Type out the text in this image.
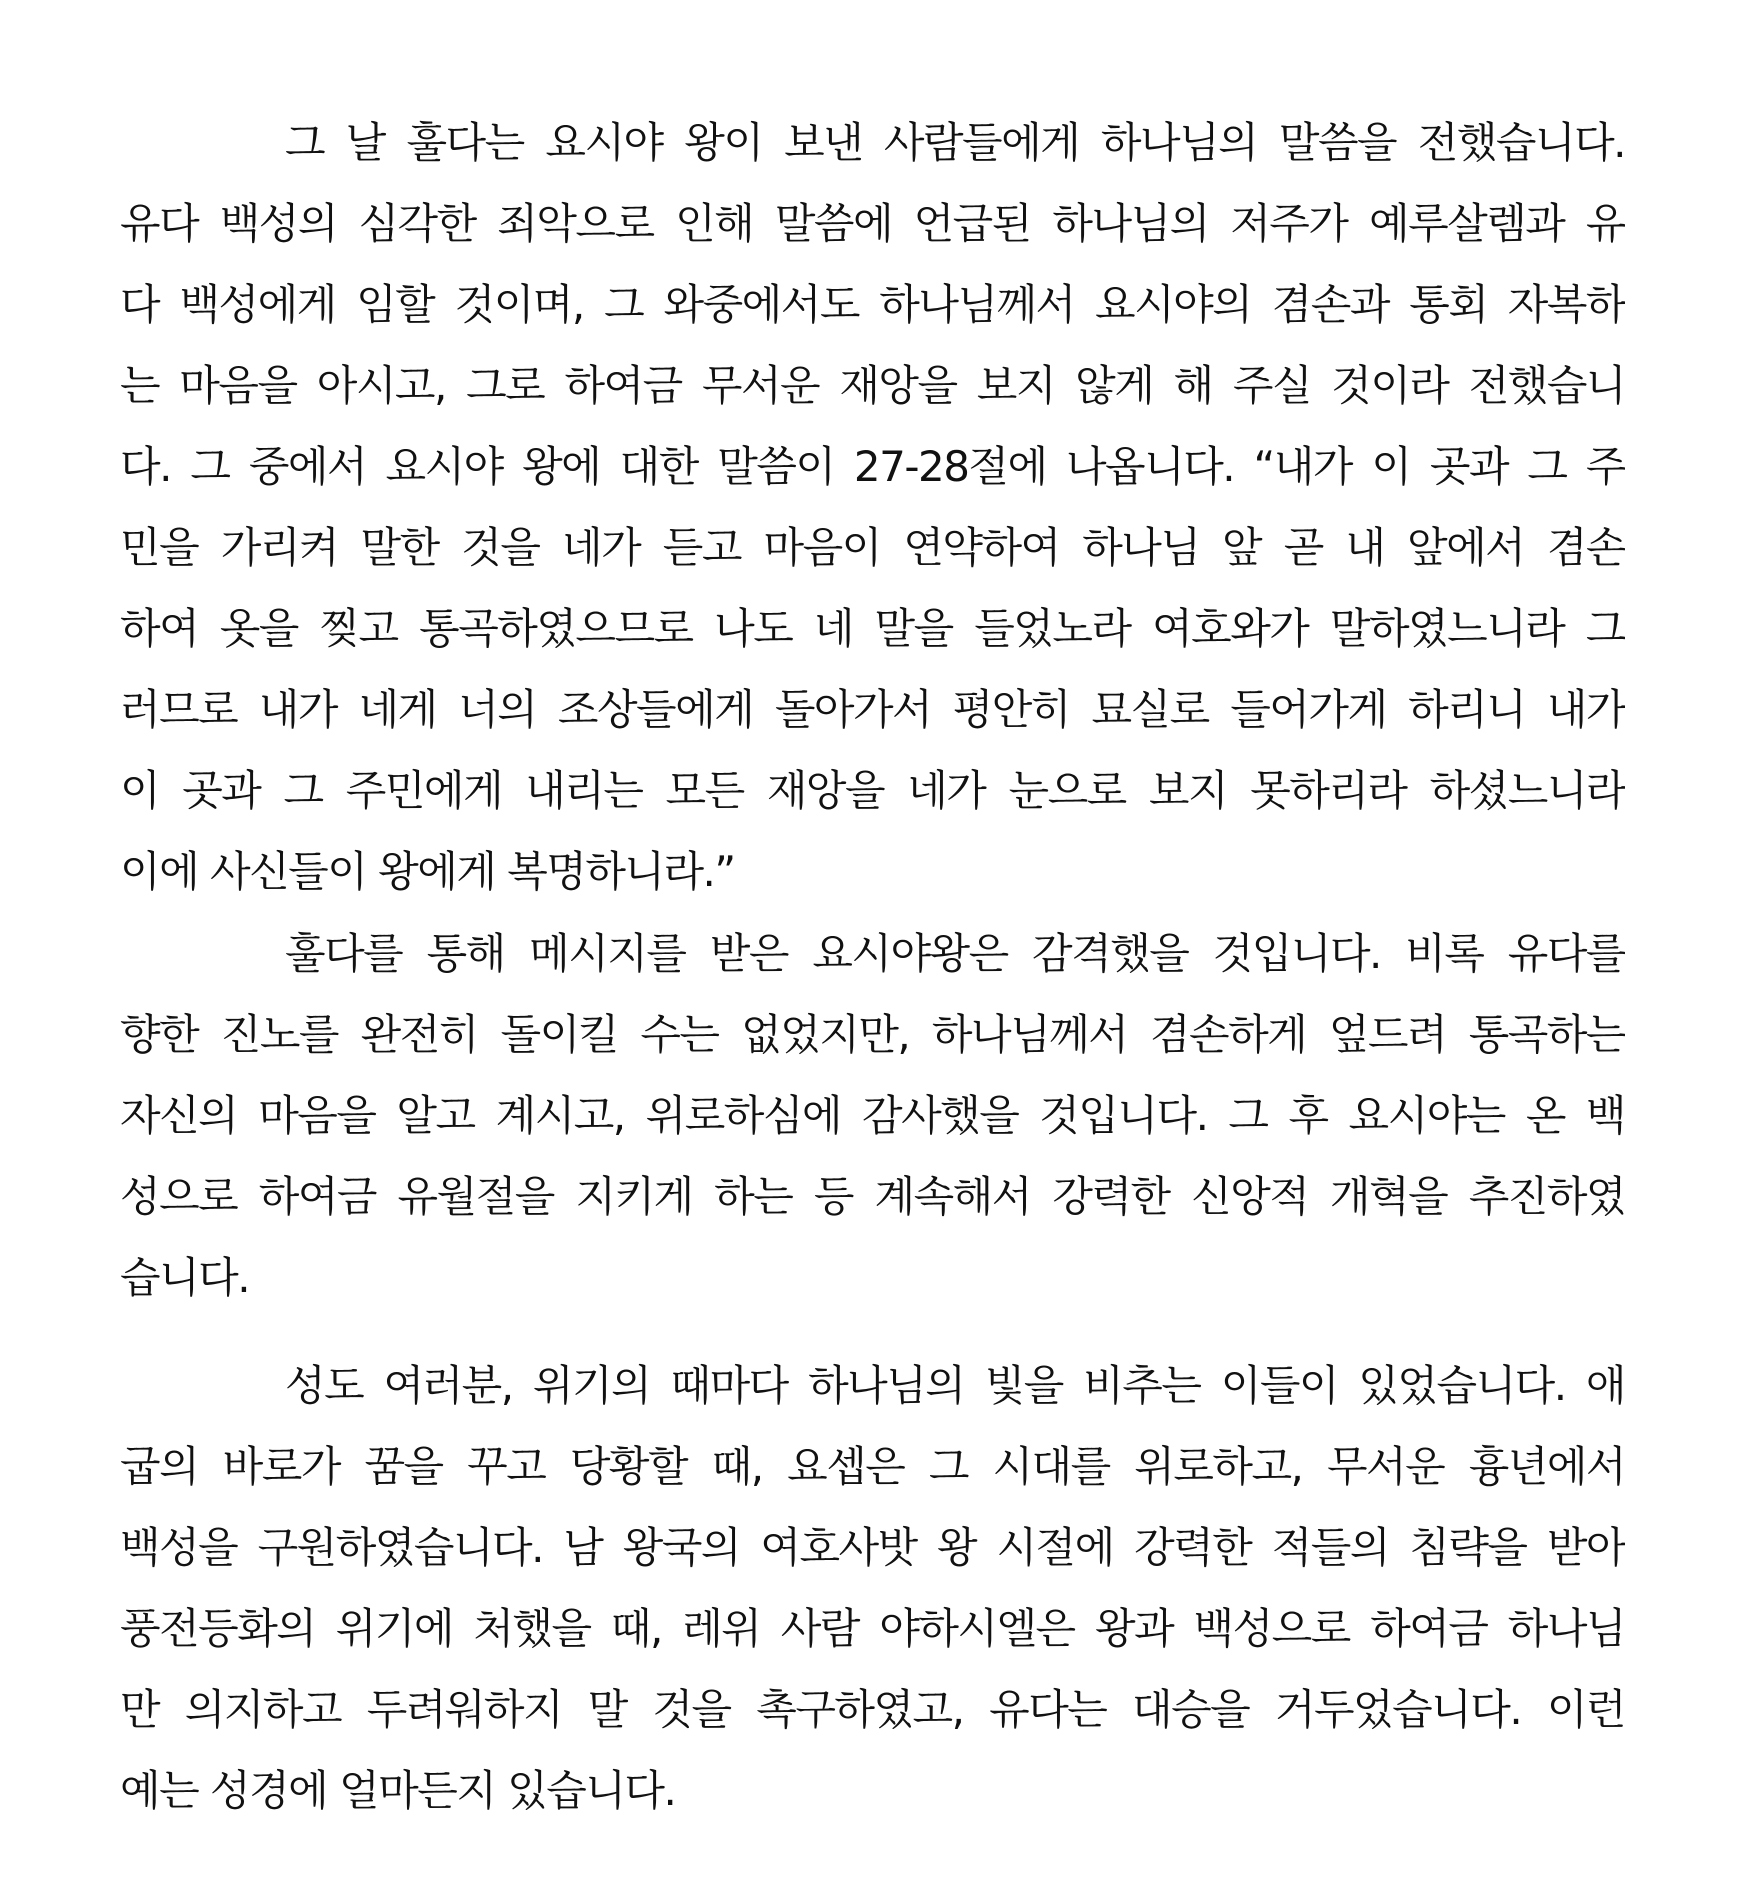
그 날 훌다는 요시야 왕이 보낸 사람들에게 하나님의 말씀을 전했습니다.
유다 백성의 심각한 죄악으로 인해 말씀에 언급된 하나님의 저주가 예루살렘과 유
다 백성에게 임할 것이며, 그 와중에서도 하나님께서 요시야의 겸손과 통회 자복하
는 마음을 아시고, 그로 하여금 무서운 재앙을 보지 않게 해 주실 것이라 전했습니
다. 그 중에서 요시야 왕에 대한 말씀이 27-28절에 나옵니다. “내가 이 곳과 그 주
민을 가리켜 말한 것을 네가 듣고 마음이 연약하여 하나님 앞 곧 내 앞에서 겸손
하여 옷을 찢고 통곡하였으므로 나도 네 말을 들었노라 여호와가 말하였느니라 그
러므로 내가 네게 너의 조상들에게 돌아가서 평안히 묘실로 들어가게 하리니 내가
이 곳과 그 주민에게 내리는 모든 재앙을 네가 눈으로 보지 못하리라 하셨느니라
이에 사신들이 왕에게 복명하니라.”
훌다를 통해 메시지를 받은 요시야왕은 감격했을 것입니다. 비록 유다를
향한 진노를 완전히 돌이킬 수는 없었지만, 하나님께서 겸손하게 엎드려 통곡하는
자신의 마음을 알고 계시고, 위로하심에 감사했을 것입니다. 그 후 요시야는 온 백
성으로 하여금 유월절을 지키게 하는 등 계속해서 강력한 신앙적 개혁을 추진하였
습니다.
성도 여러분, 위기의 때마다 하나님의 빛을 비추는 이들이 있었습니다. 애
굽의 바로가 꿈을 꾸고 당황할 때, 요셉은 그 시대를 위로하고, 무서운 흉년에서
백성을 구원하였습니다. 남 왕국의 여호사밧 왕 시절에 강력한 적들의 침략을 받아
풍전등화의 위기에 처했을 때, 레위 사람 야하시엘은 왕과 백성으로 하여금 하나님
만 의지하고 두려워하지 말 것을 촉구하였고, 유다는 대승을 거두었습니다. 이런
예는 성경에 얼마든지 있습니다.
